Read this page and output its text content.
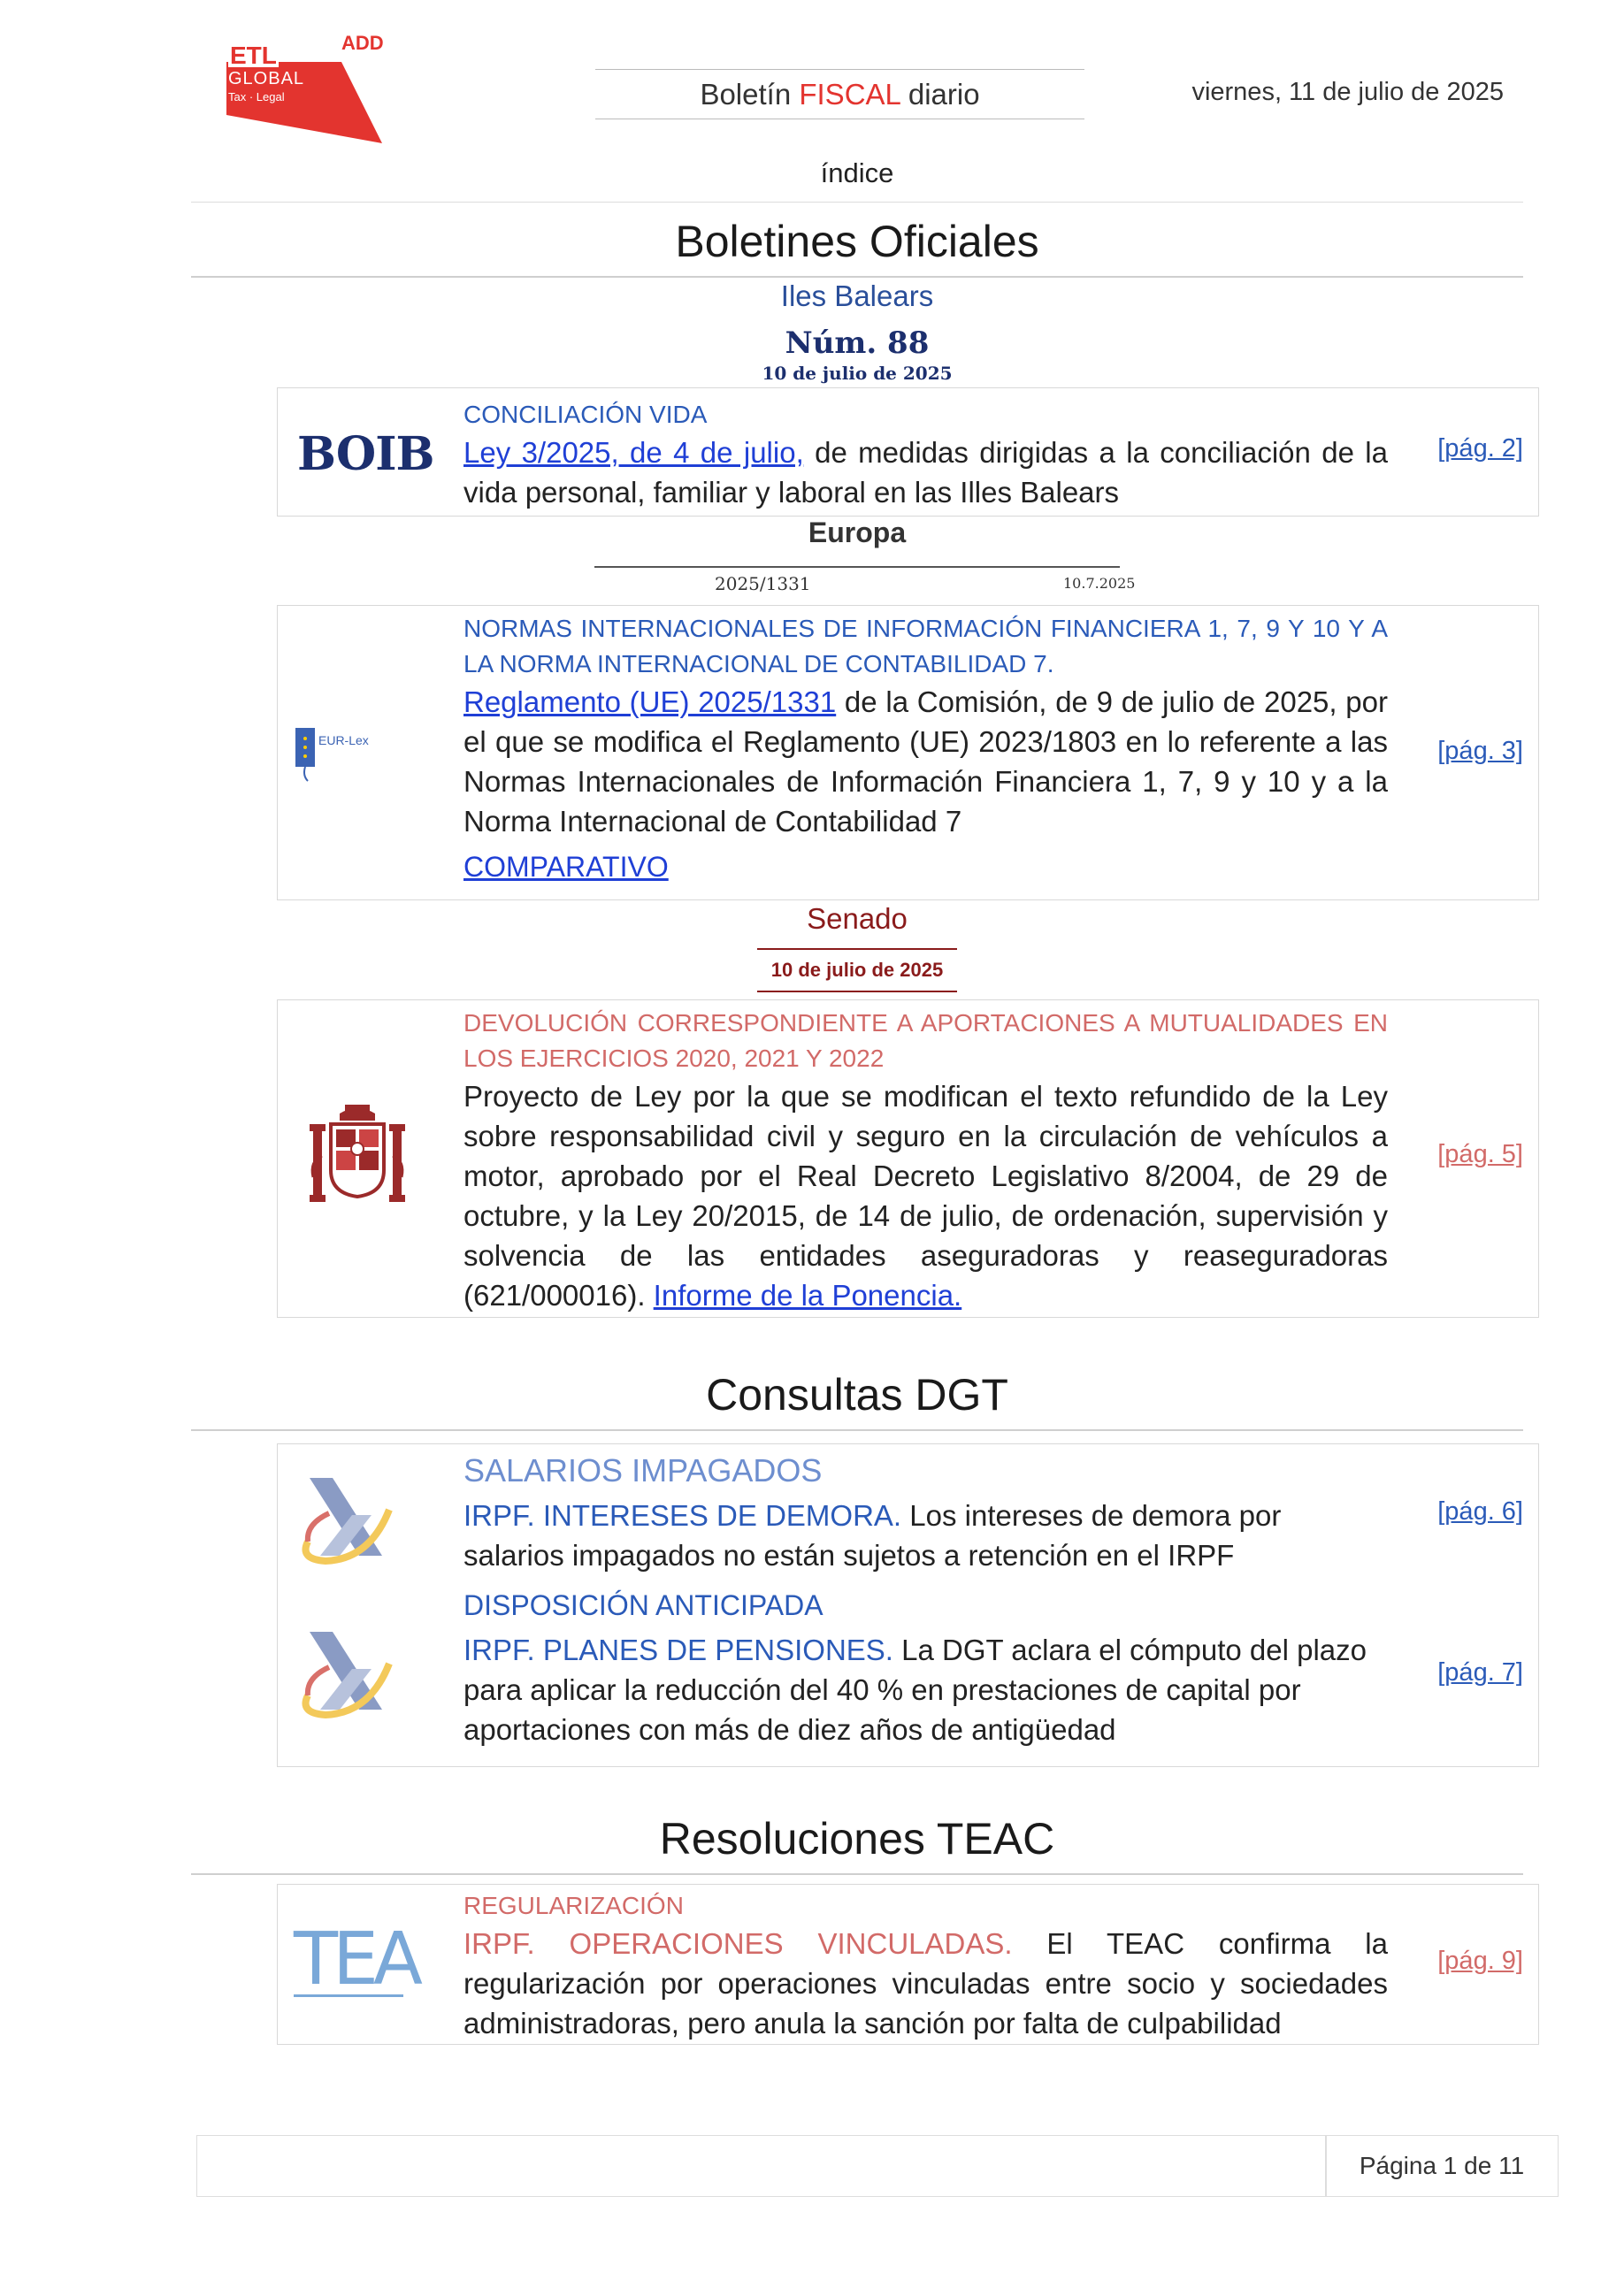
ADD
ETL
GLOBAL
Tax · Legal	Boletín FISCAL diario	viernes, 11 de julio de 2025
índice
Boletines Oficiales
Iles Balears
Núm. 88
10 de julio de 2025
BOIB
CONCILIACIÓN VIDA
Ley 3/2025, de 4 de julio, de medidas dirigidas a la conciliación de la vida personal, familiar y laboral en las Illes Balears
[pág. 2]
Europa
2025/1331	10.7.2025
EUR-Lex
NORMAS INTERNACIONALES DE INFORMACIÓN FINANCIERA 1, 7, 9 Y 10 Y A LA NORMA INTERNACIONAL DE CONTABILIDAD 7.
Reglamento (UE) 2025/1331 de la Comisión, de 9 de julio de 2025, por el que se modifica el Reglamento (UE) 2023/1803 en lo referente a las Normas Internacionales de Información Financiera 1, 7, 9 y 10 y a la Norma Internacional de Contabilidad 7
COMPARATIVO
[pág. 3]
Senado
10 de julio de 2025
DEVOLUCIÓN CORRESPONDIENTE A APORTACIONES A MUTUALIDADES EN LOS EJERCICIOS 2020, 2021 Y 2022
Proyecto de Ley por la que se modifican el texto refundido de la Ley sobre responsabilidad civil y seguro en la circulación de vehículos a motor, aprobado por el Real Decreto Legislativo 8/2004, de 29 de octubre, y la Ley 20/2015, de 14 de julio, de ordenación, supervisión y solvencia de las entidades aseguradoras y reaseguradoras (621/000016). Informe de la Ponencia.
[pág. 5]
Consultas DGT
SALARIOS IMPAGADOS
IRPF. INTERESES DE DEMORA. Los intereses de demora por salarios impagados no están sujetos a retención en el IRPF
[pág. 6]
DISPOSICIÓN ANTICIPADA
IRPF. PLANES DE PENSIONES. La DGT aclara el cómputo del plazo para aplicar la reducción del 40 % en prestaciones de capital por aportaciones con más de diez años de antigüedad
[pág. 7]
Resoluciones TEAC
TEA
REGULARIZACIÓN
IRPF. OPERACIONES VINCULADAS. El TEAC confirma la regularización por operaciones vinculadas entre socio y sociedades administradoras, pero anula la sanción por falta de culpabilidad
[pág. 9]
Página 1 de 11
